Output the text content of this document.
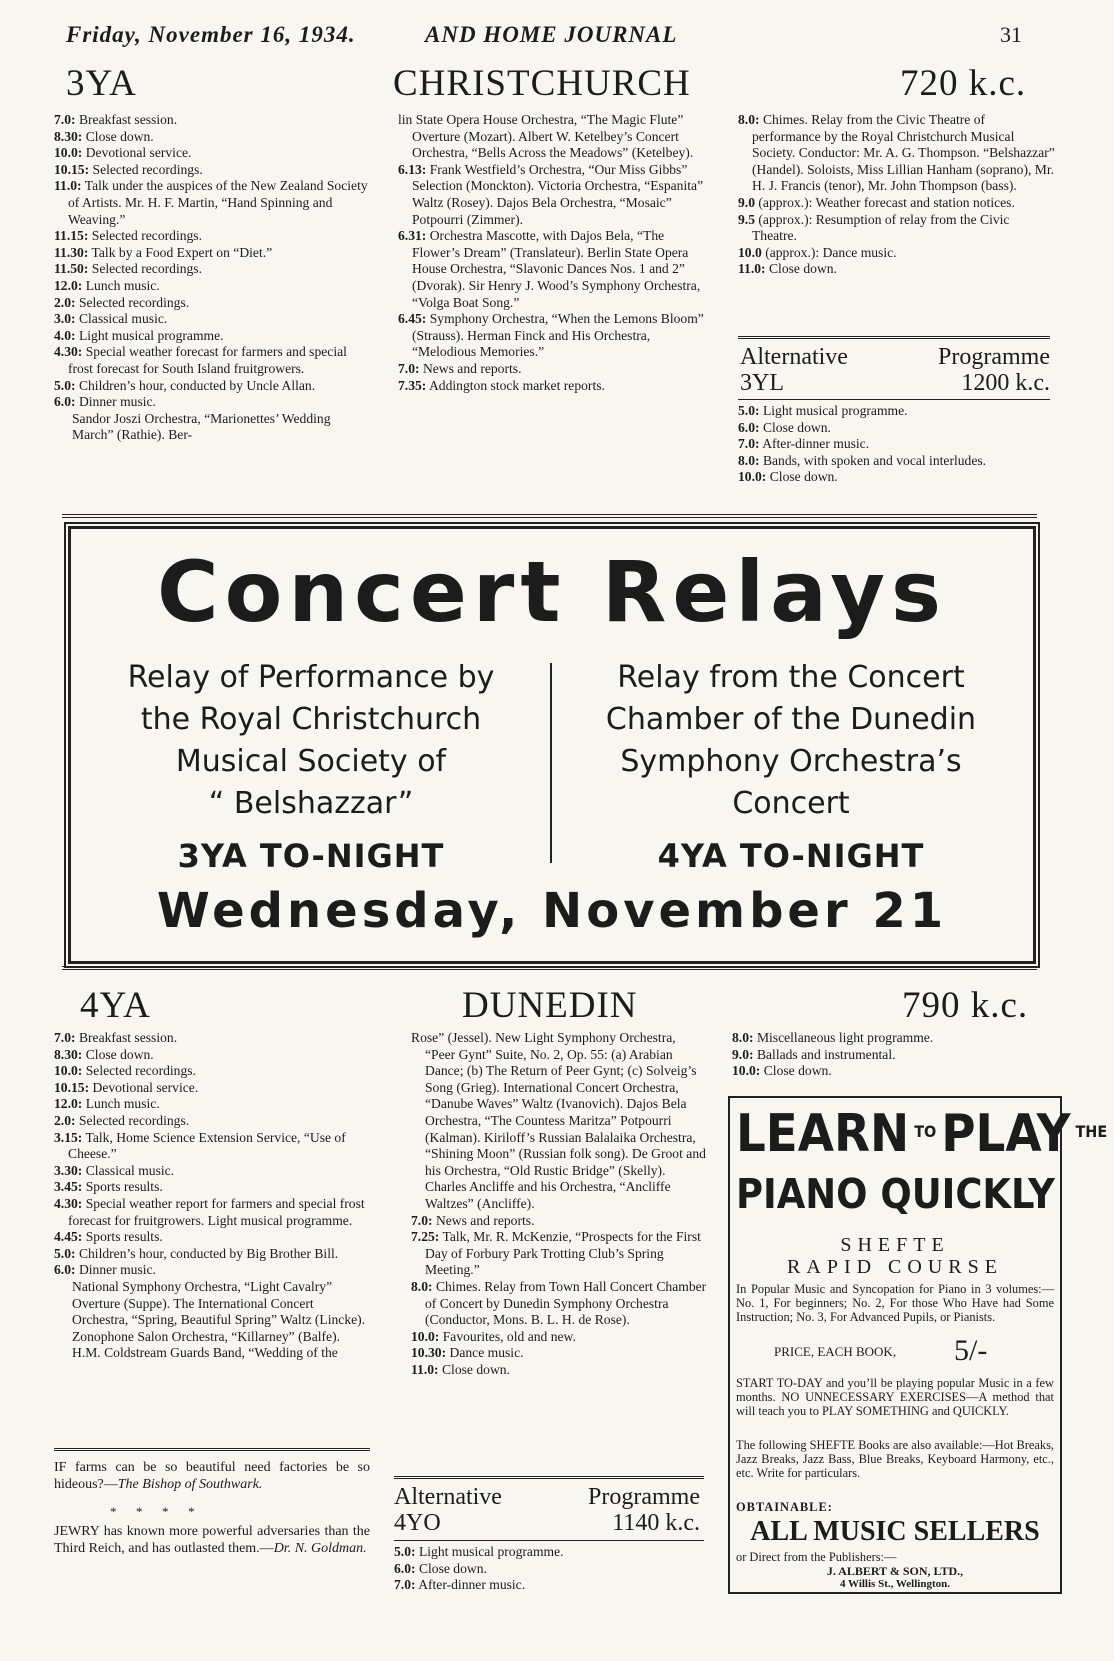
Friday, November 16, 1934.	AND HOME JOURNAL	31
3YA	CHRISTCHURCH	720 k.c.
7.0: Breakfast session.
8.30: Close down.
10.0: Devotional service.
10.15: Selected recordings.
11.0: Talk under the auspices of the New Zealand Society of Artists. Mr. H. F. Martin, “Hand Spinning and Weaving.”
11.15: Selected recordings.
11.30: Talk by a Food Expert on “Diet.”
11.50: Selected recordings.
12.0: Lunch music.
2.0: Selected recordings.
3.0: Classical music.
4.0: Light musical programme.
4.30: Special weather forecast for farmers and special frost forecast for South Island fruitgrowers.
5.0: Children’s hour, conducted by Uncle Allan.
6.0: Dinner music.
Sandor Joszi Orchestra, “Marionettes’ Wedding March” (Rathie). Ber-
lin State Opera House Orchestra, “The Magic Flute” Overture (Mozart). Albert W. Ketelbey’s Concert Orchestra, “Bells Across the Meadows” (Ketelbey).
6.13: Frank Westfield’s Orchestra, “Our Miss Gibbs” Selection (Monckton). Victoria Orchestra, “Espanita” Waltz (Rosey). Dajos Bela Orchestra, “Mosaic” Potpourri (Zimmer).
6.31: Orchestra Mascotte, with Dajos Bela, “The Flower’s Dream” (Translateur). Berlin State Opera House Orchestra, “Slavonic Dances Nos. 1 and 2” (Dvorak). Sir Henry J. Wood’s Symphony Orchestra, “Volga Boat Song.”
6.45: Symphony Orchestra, “When the Lemons Bloom” (Strauss). Herman Finck and His Orchestra, “Melodious Memories.”
7.0: News and reports.
7.35: Addington stock market reports.
8.0: Chimes. Relay from the Civic Theatre of performance by the Royal Christchurch Musical Society. Conductor: Mr. A. G. Thompson. “Belshazzar” (Handel). Soloists, Miss Lillian Hanham (soprano), Mr. H. J. Francis (tenor), Mr. John Thompson (bass).
9.0 (approx.): Weather forecast and station notices.
9.5 (approx.): Resumption of relay from the Civic Theatre.
10.0 (approx.): Dance music.
11.0: Close down.
Alternative	Programme
3YL	1200 k.c.
5.0: Light musical programme.
6.0: Close down.
7.0: After-dinner music.
8.0: Bands, with spoken and vocal interludes.
10.0: Close down.
Concert Relays
Relay of Performance by
the Royal Christchurch
Musical Society of
“ Belshazzar”
3YA TO-NIGHT
Relay from the Concert
Chamber of the Dunedin
Symphony Orchestra’s
Concert
4YA TO-NIGHT
Wednesday, November 21
4YA	DUNEDIN	790 k.c.
7.0: Breakfast session.
8.30: Close down.
10.0: Selected recordings.
10.15: Devotional service.
12.0: Lunch music.
2.0: Selected recordings.
3.15: Talk, Home Science Extension Service, “Use of Cheese.”
3.30: Classical music.
3.45: Sports results.
4.30: Special weather report for farmers and special frost forecast for fruitgrowers. Light musical programme.
4.45: Sports results.
5.0: Children’s hour, conducted by Big Brother Bill.
6.0: Dinner music.
National Symphony Orchestra, “Light Cavalry” Overture (Suppe). The International Concert Orchestra, “Spring, Beautiful Spring” Waltz (Lincke). Zonophone Salon Orchestra, “Killarney” (Balfe). H.M. Coldstream Guards Band, “Wedding of the
Rose” (Jessel). New Light Symphony Orchestra, “Peer Gynt” Suite, No. 2, Op. 55: (a) Arabian Dance; (b) The Return of Peer Gynt; (c) Solveig’s Song (Grieg). International Concert Orchestra, “Danube Waves” Waltz (Ivanovich). Dajos Bela Orchestra, “The Countess Maritza” Potpourri (Kalman). Kiriloff’s Russian Balalaika Orchestra, “Shining Moon” (Russian folk song). De Groot and his Orchestra, “Old Rustic Bridge” (Skelly). Charles Ancliffe and his Orchestra, “Ancliffe Waltzes” (Ancliffe).
7.0: News and reports.
7.25: Talk, Mr. R. McKenzie, “Prospects for the First Day of Forbury Park Trotting Club’s Spring Meeting.”
8.0: Chimes. Relay from Town Hall Concert Chamber of Concert by Dunedin Symphony Orchestra (Conductor, Mons. B. L. H. de Rose).
10.0: Favourites, old and new.
10.30: Dance music.
11.0: Close down.
8.0: Miscellaneous light programme.
9.0: Ballads and instrumental.
10.0: Close down.
IF farms can be so beautiful need factories be so hideous?—The Bishop of Southwark.
*      *      *      *
JEWRY has known more powerful adversaries than the Third Reich, and has outlasted them.—Dr. N. Goldman.
Alternative	Programme
4YO	1140 k.c.
5.0: Light musical programme.
6.0: Close down.
7.0: After-dinner music.
LEARN TO PLAY THE
PIANO QUICKLY
SHEFTE
RAPID COURSE
In Popular Music and Syncopation for Piano in 3 volumes:—No. 1, For beginners; No. 2, For those Who Have had Some Instruction; No. 3, For Advanced Pupils, or Pianists.
PRICE, EACH BOOK, 5/-
START TO-DAY and you’ll be playing popular Music in a few months. NO UNNECESSARY EXERCISES—A method that will teach you to PLAY SOMETHING and QUICKLY.
The following SHEFTE Books are also available:—Hot Breaks, Jazz Breaks, Jazz Bass, Blue Breaks, Keyboard Harmony, etc., etc. Write for particulars.
OBTAINABLE:
ALL MUSIC SELLERS
or Direct from the Publishers:—
J. ALBERT & SON, LTD.,
4 Willis St., Wellington.
